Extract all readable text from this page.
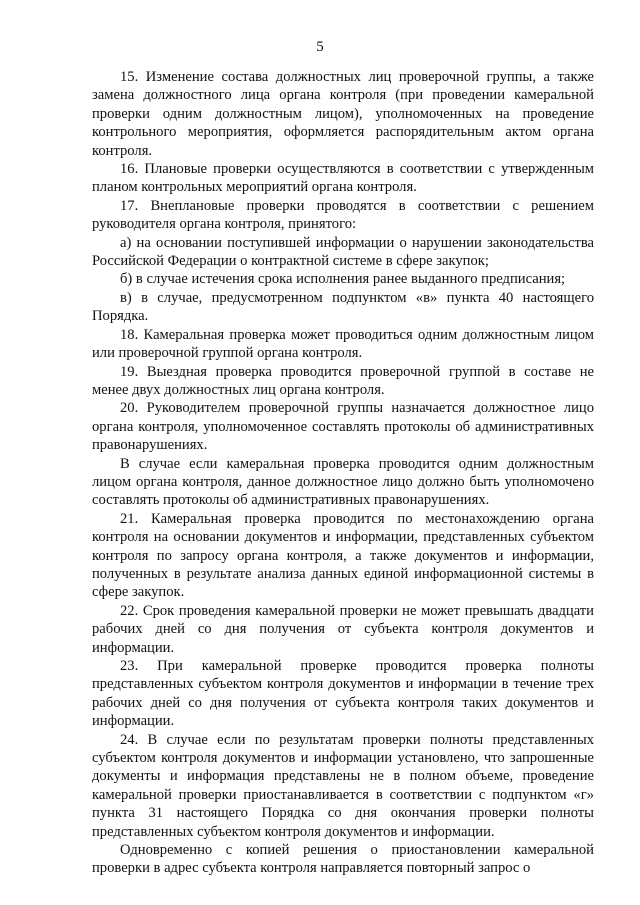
5

15. Изменение состава должностных лиц проверочной группы, а также замена должностного лица органа контроля (при проведении камеральной проверки одним должностным лицом), уполномоченных на проведение контрольного мероприятия, оформляется распорядительным актом органа контроля.

16. Плановые проверки осуществляются в соответствии с утвержденным планом контрольных мероприятий органа контроля.

17. Внеплановые проверки проводятся в соответствии с решением руководителя органа контроля, принятого:

а) на основании поступившей информации о нарушении законодательства Российской Федерации о контрактной системе в сфере закупок;

б) в случае истечения срока исполнения ранее выданного предписания;

в) в случае, предусмотренном подпунктом «в» пункта 40 настоящего Порядка.

18. Камеральная проверка может проводиться одним должностным лицом или проверочной группой органа контроля.

19. Выездная проверка проводится проверочной группой в составе не менее двух должностных лиц органа контроля.

20. Руководителем проверочной группы назначается должностное лицо органа контроля, уполномоченное составлять протоколы об административных правонарушениях.

В случае если камеральная проверка проводится одним должностным лицом органа контроля, данное должностное лицо должно быть уполномочено составлять протоколы об административных правонарушениях.

21. Камеральная проверка проводится по местонахождению органа контроля на основании документов и информации, представленных субъектом контроля по запросу органа контроля, а также документов и информации, полученных в результате анализа данных единой информационной системы в сфере закупок.

22. Срок проведения камеральной проверки не может превышать двадцати рабочих дней со дня получения от субъекта контроля документов и информации.

23. При камеральной проверке проводится проверка полноты представленных субъектом контроля документов и информации в течение трех рабочих дней со дня получения от субъекта контроля таких документов и информации.

24. В случае если по результатам проверки полноты представленных субъектом контроля документов и информации установлено, что запрошенные документы и информация представлены не в полном объеме, проведение камеральной проверки приостанавливается в соответствии с подпунктом «г» пункта 31 настоящего Порядка со дня окончания проверки полноты представленных субъектом контроля документов и информации.

Одновременно с копией решения о приостановлении камеральной проверки в адрес субъекта контроля направляется повторный запрос о
